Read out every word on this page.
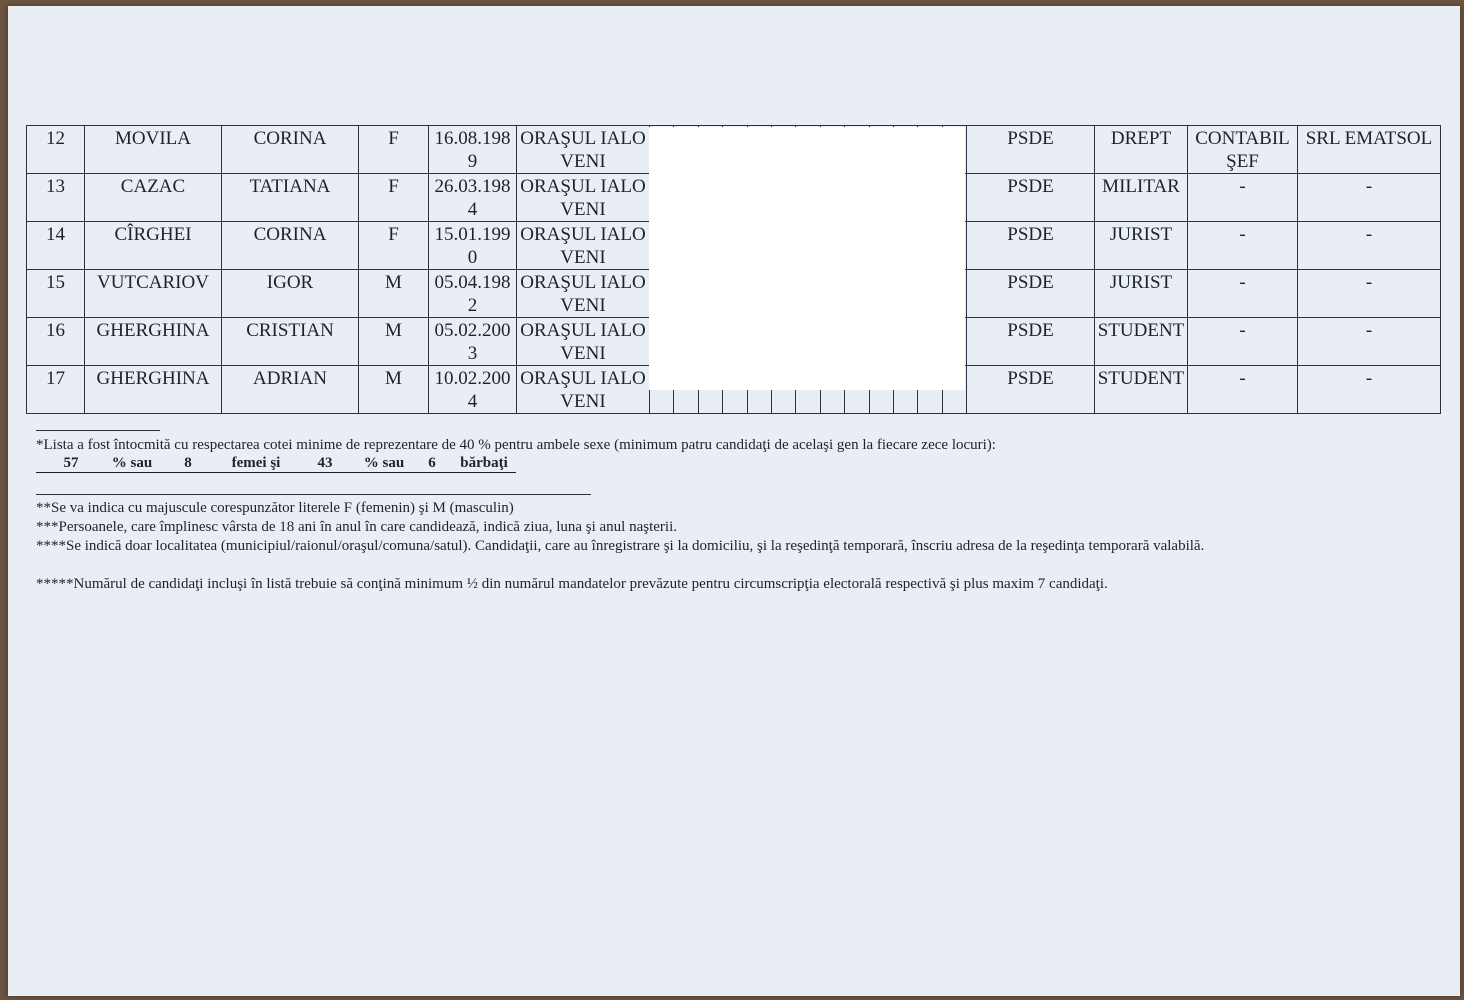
12	MOVILA	CORINA	F	16.08.1989	ORAŞUL IALOVENI		PSDE	DREPT	CONTABIL ŞEF	SRL EMATSOL
13	CAZAC	TATIANA	F	26.03.1984	ORAŞUL IALOVENI		PSDE	MILITAR	-	-
14	CÎRGHEI	CORINA	F	15.01.1990	ORAŞUL IALOVENI		PSDE	JURIST	-	-
15	VUTCARIOV	IGOR	M	05.04.1982	ORAŞUL IALOVENI		PSDE	JURIST	-	-
16	GHERGHINA	CRISTIAN	M	05.02.2003	ORAŞUL IALOVENI		PSDE	STUDENT	-	-
17	GHERGHINA	ADRIAN	M	10.02.2004	ORAŞUL IALOVENI		PSDE	STUDENT	-	-
*Lista a fost întocmită cu respectarea cotei minime de reprezentare de 40 % pentru ambele sexe (minimum patru candidaţi de acelaşi gen la fiecare zece locuri):
57	% sau	8	femei şi	43	% sau	6	bărbaţi
**Se va indica cu majuscule corespunzător literele F (femenin) şi M (masculin)
***Persoanele, care împlinesc vârsta de 18 ani în anul în care candidează, indică ziua, luna şi anul naşterii.
****Se indică doar localitatea (municipiul/raionul/oraşul/comuna/satul). Candidaţii, care au înregistrare şi la domiciliu, şi la reşedinţă temporară, înscriu adresa de la reşedinţa temporară valabilă.
*****Numărul de candidaţi incluşi în listă trebuie să conţină minimum ½ din numărul mandatelor prevăzute pentru circumscripţia electorală respectivă şi plus maxim 7 candidaţi.
